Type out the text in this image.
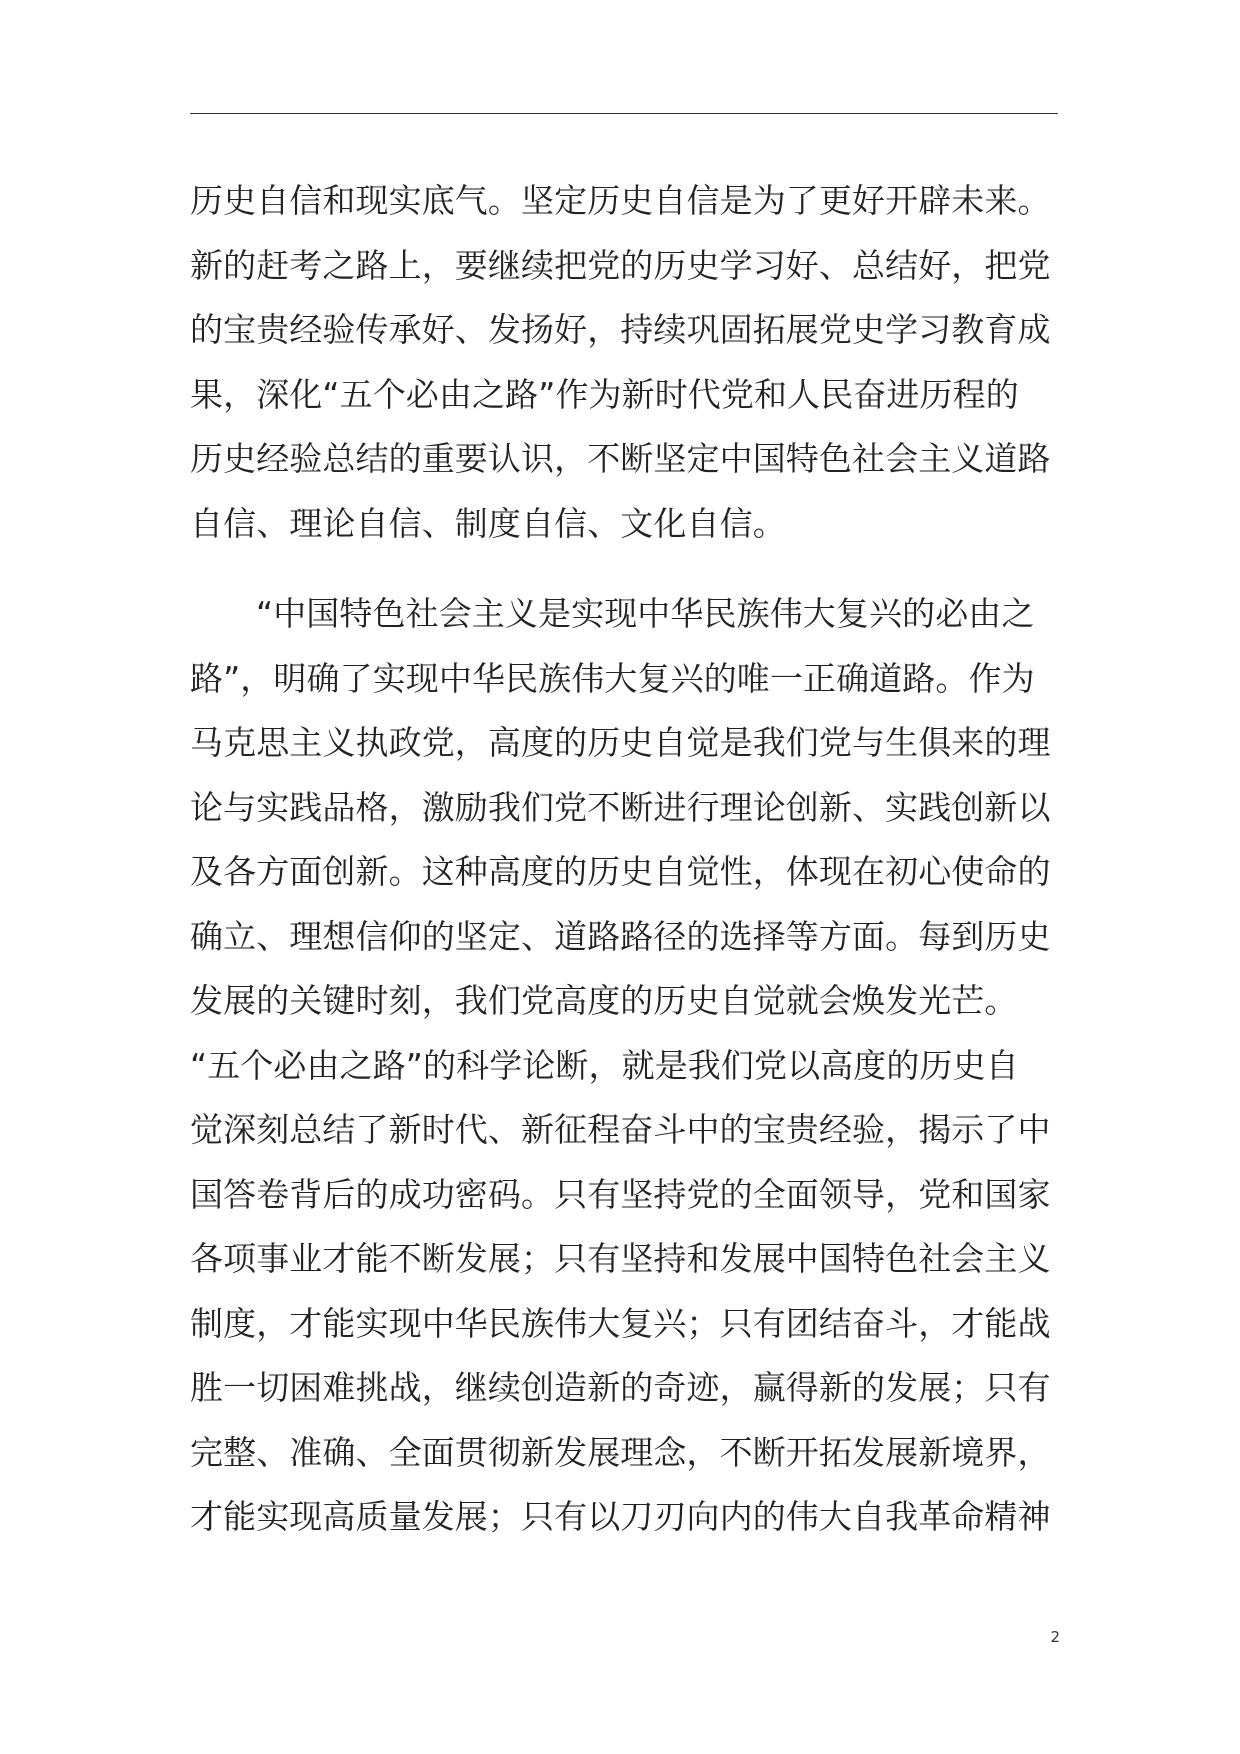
历史自信和现实底气。坚定历史自信是为了更好开辟未来。
新的赶考之路上，要继续把党的历史学习好、总结好，把党
的宝贵经验传承好、发扬好，持续巩固拓展党史学习教育成
果，深化“五个必由之路”作为新时代党和人民奋进历程的
历史经验总结的重要认识，不断坚定中国特色社会主义道路
自信、理论自信、制度自信、文化自信。
“中国特色社会主义是实现中华民族伟大复兴的必由之
路”，明确了实现中华民族伟大复兴的唯一正确道路。作为
马克思主义执政党，高度的历史自觉是我们党与生俱来的理
论与实践品格，激励我们党不断进行理论创新、实践创新以
及各方面创新。这种高度的历史自觉性，体现在初心使命的
确立、理想信仰的坚定、道路路径的选择等方面。每到历史
发展的关键时刻，我们党高度的历史自觉就会焕发光芒。
“五个必由之路”的科学论断，就是我们党以高度的历史自
觉深刻总结了新时代、新征程奋斗中的宝贵经验，揭示了中
国答卷背后的成功密码。只有坚持党的全面领导，党和国家
各项事业才能不断发展；只有坚持和发展中国特色社会主义
制度，才能实现中华民族伟大复兴；只有团结奋斗，才能战
胜一切困难挑战，继续创造新的奇迹，赢得新的发展；只有
完整、准确、全面贯彻新发展理念，不断开拓发展新境界，
才能实现高质量发展；只有以刀刃向内的伟大自我革命精神
2
